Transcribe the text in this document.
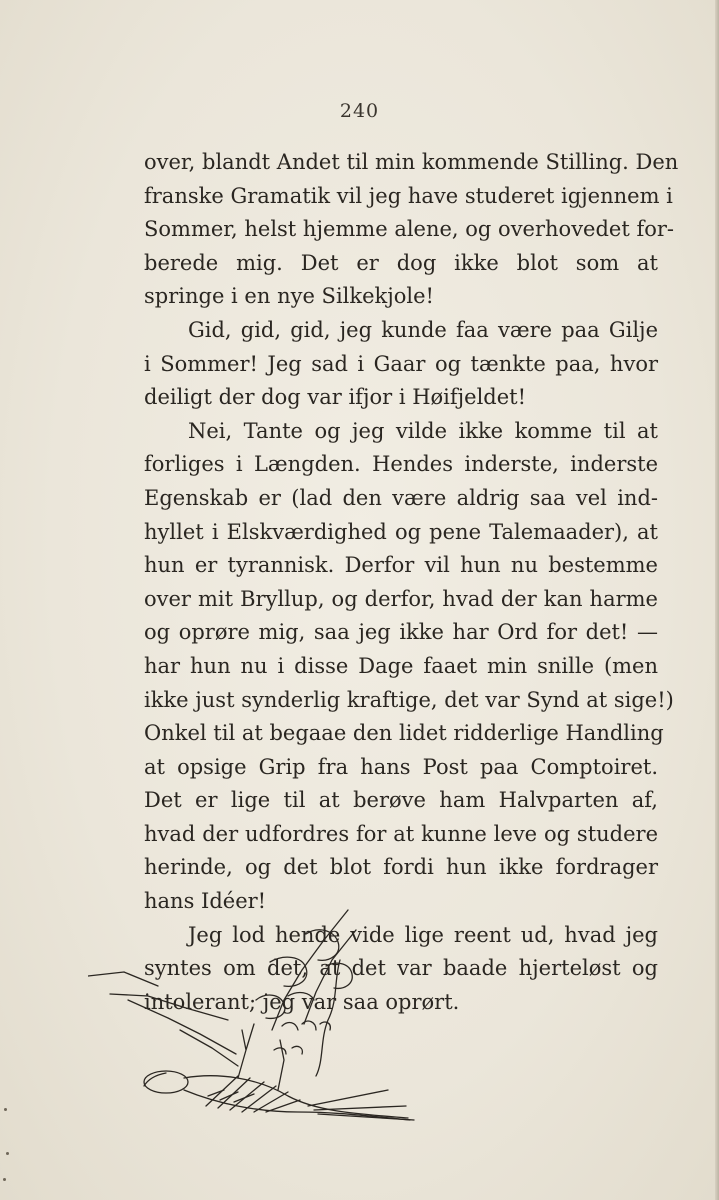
240
over, blandt Andet til min kommende Stilling. Den
franske Gramatik vil jeg have studeret igjennem i
Sommer, helst hjemme alene, og overhovedet for-
berede mig. Det er dog ikke blot som at
springe i en nye Silkekjole!
Gid, gid, gid, jeg kunde faa være paa Gilje
i Sommer! Jeg sad i Gaar og tænkte paa, hvor
deiligt der dog var ifjor i Høifjeldet!
Nei, Tante og jeg vilde ikke komme til at
forliges i Længden. Hendes inderste, inderste
Egenskab er (lad den være aldrig saa vel ind-
hyllet i Elskværdighed og pene Talemaader), at
hun er tyrannisk. Derfor vil hun nu bestemme
over mit Bryllup, og derfor, hvad der kan harme
og oprøre mig, saa jeg ikke har Ord for det! —
har hun nu i disse Dage faaet min snille (men
ikke just synderlig kraftige, det var Synd at sige!)
Onkel til at begaae den lidet ridderlige Handling
at opsige Grip fra hans Post paa Comptoiret.
Det er lige til at berøve ham Halvparten af,
hvad der udfordres for at kunne leve og studere
herinde, og det blot fordi hun ikke fordrager
hans Idéer!
Jeg lod hende vide lige reent ud, hvad jeg
syntes om det, at det var baade hjerteløst og
intolerant; jeg var saa oprørt.
